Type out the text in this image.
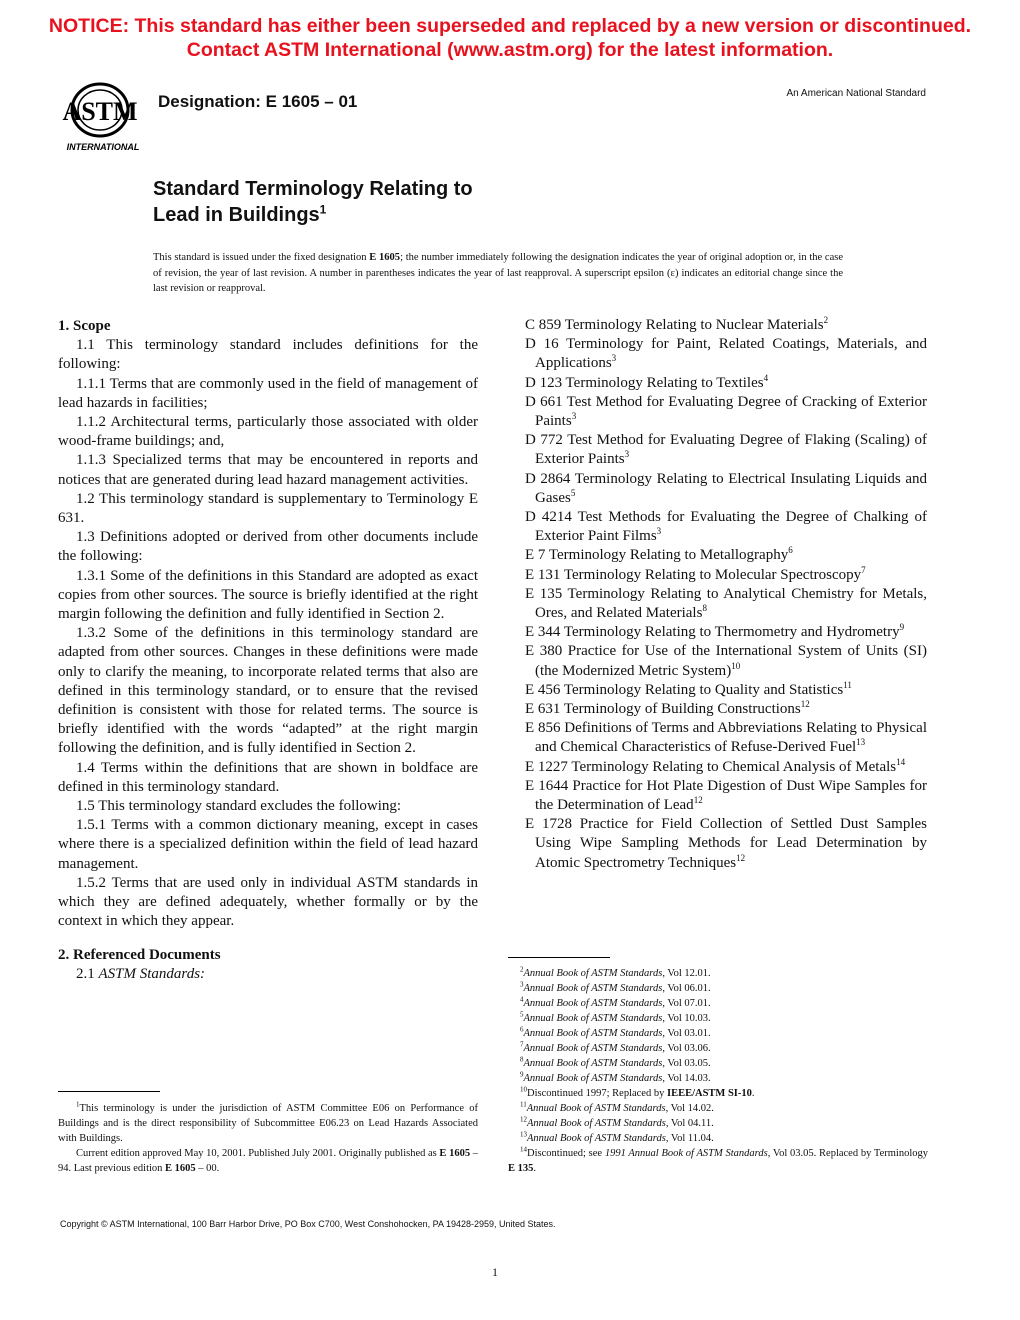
NOTICE: This standard has either been superseded and replaced by a new version or discontinued.
Contact ASTM International (www.astm.org) for the latest information.
ASTM
INTERNATIONAL
Designation: E 1605 – 01	An American National Standard
Standard Terminology Relating to
Lead in Buildings$^1$
This standard is issued under the fixed designation E 1605; the number immediately following the designation indicates the year of original adoption or, in the case of revision, the year of last revision. A number in parentheses indicates the year of last reapproval. A superscript epsilon (ε) indicates an editorial change since the last revision or reapproval.
1. Scope

1.1 This terminology standard includes definitions for the following:

1.1.1 Terms that are commonly used in the field of management of lead hazards in facilities;

1.1.2 Architectural terms, particularly those associated with older wood-frame buildings; and,

1.1.3 Specialized terms that may be encountered in reports and notices that are generated during lead hazard management activities.

1.2 This terminology standard is supplementary to Terminology E 631.

1.3 Definitions adopted or derived from other documents include the following:

1.3.1 Some of the definitions in this Standard are adopted as exact copies from other sources. The source is briefly identified at the right margin following the definition and fully identified in Section 2.

1.3.2 Some of the definitions in this terminology standard are adapted from other sources. Changes in these definitions were made only to clarify the meaning, to incorporate related terms that also are defined in this terminology standard, or to ensure that the revised definition is consistent with those for related terms. The source is briefly identified with the words “adapted” at the right margin following the definition, and is fully identified in Section 2.

1.4 Terms within the definitions that are shown in boldface are defined in this terminology standard.

1.5 This terminology standard excludes the following:

1.5.1 Terms with a common dictionary meaning, except in cases where there is a specialized definition within the field of lead hazard management.

1.5.2 Terms that are used only in individual ASTM standards in which they are defined adequately, whether formally or by the context in which they appear.

2. Referenced Documents

2.1 ASTM Standards:

C 859 Terminology Relating to Nuclear Materials$^2$

D 16 Terminology for Paint, Related Coatings, Materials, and Applications$^3$

D 123 Terminology Relating to Textiles$^4$

D 661 Test Method for Evaluating Degree of Cracking of Exterior Paints$^3$

D 772 Test Method for Evaluating Degree of Flaking (Scaling) of Exterior Paints$^3$

D 2864 Terminology Relating to Electrical Insulating Liquids and Gases$^5$

D 4214 Test Methods for Evaluating the Degree of Chalking of Exterior Paint Films$^3$

E 7 Terminology Relating to Metallography$^6$

E 131 Terminology Relating to Molecular Spectroscopy$^7$

E 135 Terminology Relating to Analytical Chemistry for Metals, Ores, and Related Materials$^8$

E 344 Terminology Relating to Thermometry and Hydrometry$^9$

E 380 Practice for Use of the International System of Units (SI) (the Modernized Metric System)$^{10}$

E 456 Terminology Relating to Quality and Statistics$^{11}$

E 631 Terminology of Building Constructions$^{12}$

E 856 Definitions of Terms and Abbreviations Relating to Physical and Chemical Characteristics of Refuse-Derived Fuel$^{13}$

E 1227 Terminology Relating to Chemical Analysis of Metals$^{14}$

E 1644 Practice for Hot Plate Digestion of Dust Wipe Samples for the Determination of Lead$^{12}$

E 1728 Practice for Field Collection of Settled Dust Samples Using Wipe Sampling Methods for Lead Determination by Atomic Spectrometry Techniques$^{12}$

$^1$This terminology is under the jurisdiction of ASTM Committee E06 on Performance of Buildings and is the direct responsibility of Subcommittee E06.23 on Lead Hazards Associated with Buildings.

Current edition approved May 10, 2001. Published July 2001. Originally published as E 1605 – 94. Last previous edition E 1605 – 00.

$^2$Annual Book of ASTM Standards, Vol 12.01.

$^3$Annual Book of ASTM Standards, Vol 06.01.

$^4$Annual Book of ASTM Standards, Vol 07.01.

$^5$Annual Book of ASTM Standards, Vol 10.03.

$^6$Annual Book of ASTM Standards, Vol 03.01.

$^7$Annual Book of ASTM Standards, Vol 03.06.

$^8$Annual Book of ASTM Standards, Vol 03.05.

$^9$Annual Book of ASTM Standards, Vol 14.03.

$^{10}$Discontinued 1997; Replaced by IEEE/ASTM SI-10.

$^{11}$Annual Book of ASTM Standards, Vol 14.02.

$^{12}$Annual Book of ASTM Standards, Vol 04.11.

$^{13}$Annual Book of ASTM Standards, Vol 11.04.

$^{14}$Discontinued; see 1991 Annual Book of ASTM Standards, Vol 03.05. Replaced by Terminology E 135.

Copyright © ASTM International, 100 Barr Harbor Drive, PO Box C700, West Conshohocken, PA 19428-2959, United States.
1
